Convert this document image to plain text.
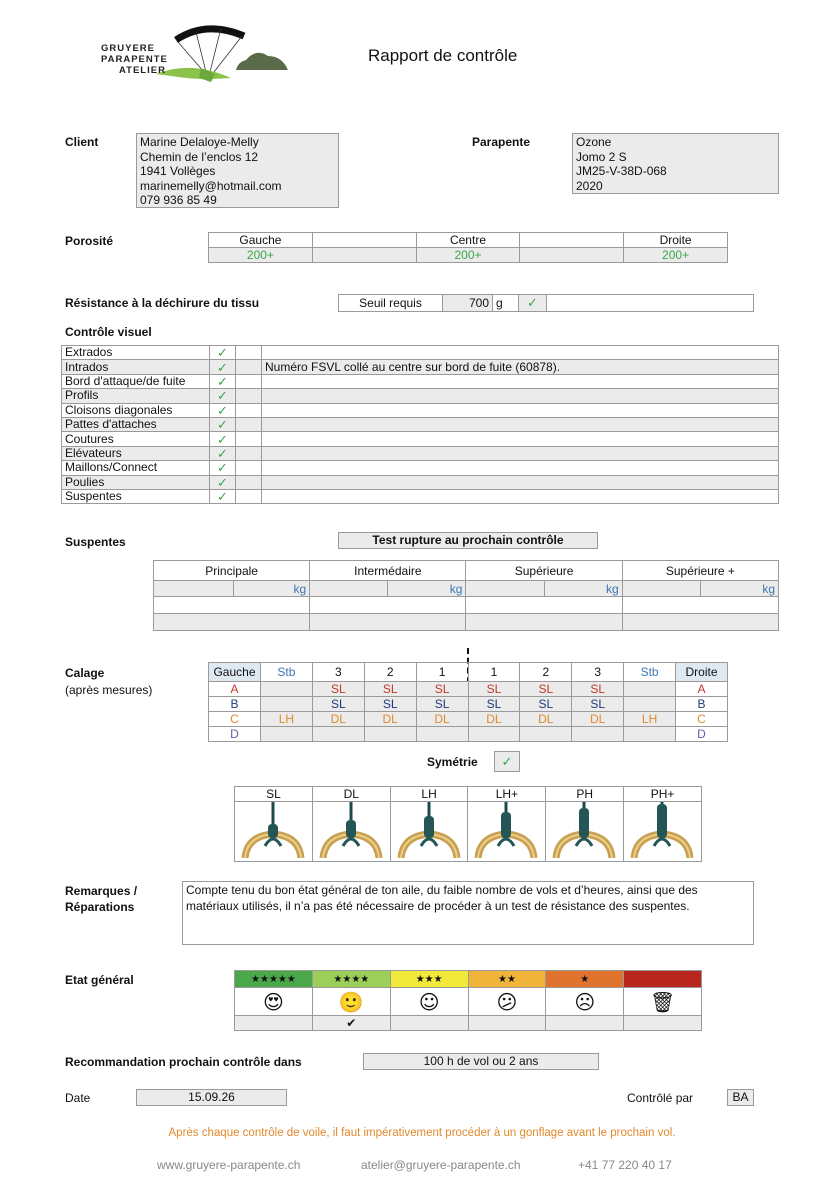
GRUYERE
PARAPENTE
ATELIER
Rapport de contrôle
Client	Marine Delaloye-Melly
Chemin de l’enclos 12
1941 Vollèges
marinemelly@hotmail.com
079 936 85 49
Parapente	Ozone
Jomo 2 S
JM25-V-38D-068
2020
Porosité	Gauche		Centre		Droite
200+		200+		200+
Résistance à la déchirure du tissu	Seuil requis	700	g	✓	
Contrôle visuel
Extrados	✓		
Intrados	✓		Numéro FSVL collé au centre sur bord de fuite (60878).
Bord d'attaque/de fuite	✓		
Profils	✓		
Cloisons diagonales	✓		
Pattes d'attaches	✓		
Coutures	✓		
Elévateurs	✓		
Maillons/Connect	✓		
Poulies	✓		
Suspentes	✓		
Suspentes	Test rupture au prochain contrôle
Principale		Intermédaire		Supérieure		Supérieure +	
	kg		kg		kg		kg

Calage
(après mesures)
Gauche	Stb	3	2	1	1	2	3	Stb	Droite
A		SL	SL	SL	SL	SL	SL		A
B		SL	SL	SL	SL	SL	SL		B
C	LH	DL	DL	DL	DL	DL	DL	LH	C
D									D
Symétrie	✓
SL	DL	LH	LH+	PH	PH+

Remarques /
Réparations
Compte tenu du bon état général de ton aile, du faible nombre de vols et d’heures, ainsi que des matériaux utilisés, il n’a pas été nécessaire de procéder à un test de résistance des suspentes.
Etat général	★★★★★	★★★★	★★★	★★	★	
😍	🙂	☺	😕	☹	🗑
	✔				
Recommandation prochain contrôle dans	100 h de vol ou 2 ans
Date	15.09.26	Contrôlé par	BA
Après chaque contrôle de voile, il faut impérativement procéder à un gonflage avant le prochain vol.
www.gruyere-parapente.ch	atelier@gruyere-parapente.ch	+41 77 220 40 17
